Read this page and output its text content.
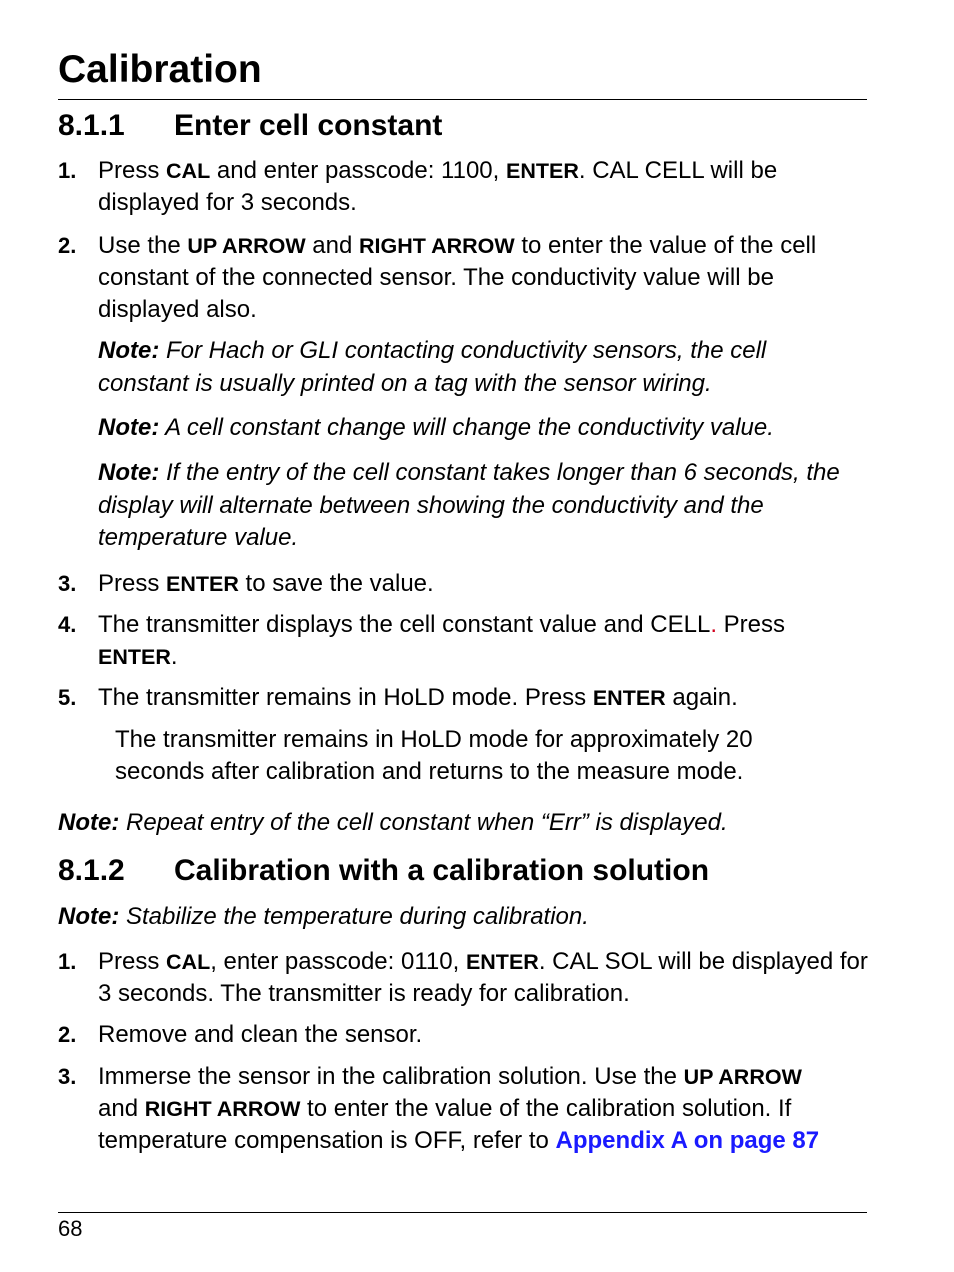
Calibration
8.1.1 Enter cell constant
1. Press CAL and enter passcode: 1100, ENTER. CAL CELL will be displayed for 3 seconds.
2. Use the UP ARROW and RIGHT ARROW to enter the value of the cell constant of the connected sensor. The conductivity value will be displayed also.
Note: For Hach or GLI contacting conductivity sensors, the cell constant is usually printed on a tag with the sensor wiring.
Note: A cell constant change will change the conductivity value.
Note: If the entry of the cell constant takes longer than 6 seconds, the display will alternate between showing the conductivity and the temperature value.
3. Press ENTER to save the value.
4. The transmitter displays the cell constant value and CELL. Press
ENTER.
5. The transmitter remains in HoLD mode. Press ENTER again.
The transmitter remains in HoLD mode for approximately 20 seconds after calibration and returns to the measure mode.
Note: Repeat entry of the cell constant when “Err” is displayed.
8.1.2 Calibration with a calibration solution
Note: Stabilize the temperature during calibration.
1. Press CAL, enter passcode: 0110, ENTER. CAL SOL will be displayed for 3 seconds. The transmitter is ready for calibration.
2. Remove and clean the sensor.
3. Immerse the sensor in the calibration solution. Use the UP ARROW
and RIGHT ARROW to enter the value of the calibration solution. If temperature compensation is OFF, refer to Appendix A on page 87
68
